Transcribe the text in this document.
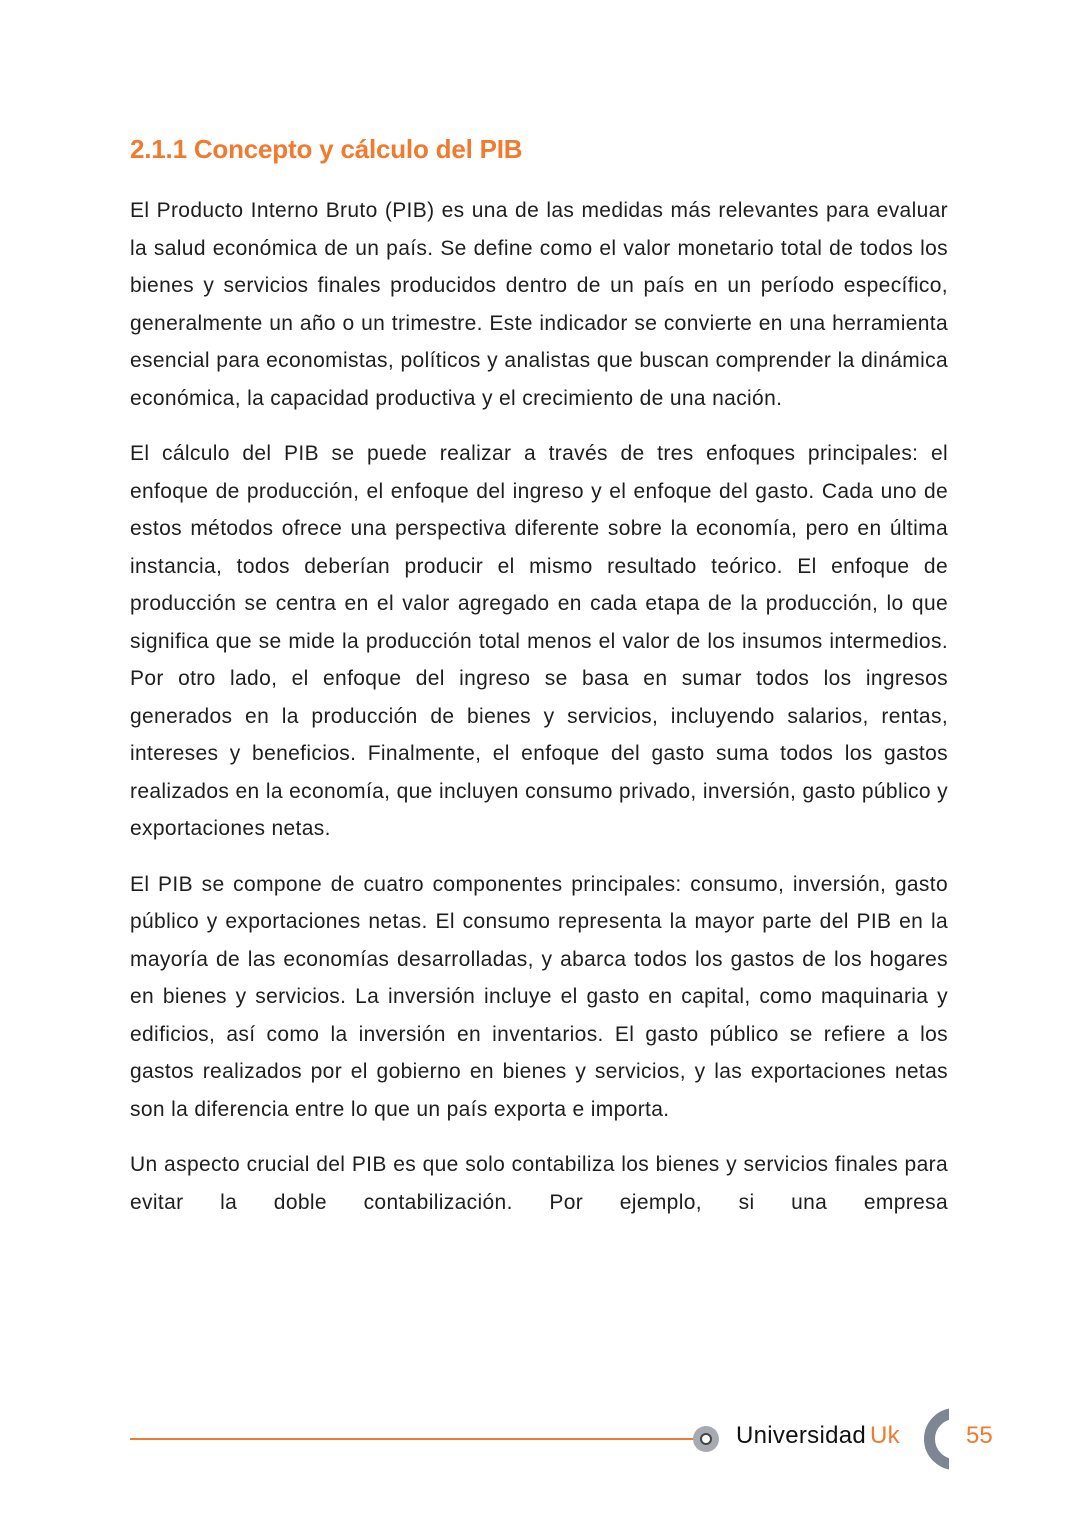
2.1.1 Concepto y cálculo del PIB

El Producto Interno Bruto (PIB) es una de las medidas más relevantes para evaluar la salud económica de un país. Se define como el valor monetario total de todos los bienes y servicios finales producidos dentro de un país en un período específico, generalmente un año o un trimestre. Este indicador se convierte en una herramienta esencial para economistas, políticos y analistas que buscan comprender la dinámica económica, la capacidad productiva y el crecimiento de una nación.

El cálculo del PIB se puede realizar a través de tres enfoques principales: el enfoque de producción, el enfoque del ingreso y el enfoque del gasto. Cada uno de estos métodos ofrece una perspectiva diferente sobre la economía, pero en última instancia, todos deberían producir el mismo resultado teórico. El enfoque de producción se centra en el valor agregado en cada etapa de la producción, lo que significa que se mide la producción total menos el valor de los insumos intermedios. Por otro lado, el enfoque del ingreso se basa en sumar todos los ingresos generados en la producción de bienes y servicios, incluyendo salarios, rentas, intereses y beneficios. Finalmente, el enfoque del gasto suma todos los gastos realizados en la economía, que incluyen consumo privado, inversión, gasto público y exportaciones netas.

El PIB se compone de cuatro componentes principales: consumo, inversión, gasto público y exportaciones netas. El consumo representa la mayor parte del PIB en la mayoría de las economías desarrolladas, y abarca todos los gastos de los hogares en bienes y servicios. La inversión incluye el gasto en capital, como maquinaria y edificios, así como la inversión en inventarios. El gasto público se refiere a los gastos realizados por el gobierno en bienes y servicios, y las exportaciones netas son la diferencia entre lo que un país exporta e importa.

Un aspecto crucial del PIB es que solo contabiliza los bienes y servicios finales para evitar la doble contabilización. Por ejemplo, si una empresa

Universidad Uk	55
